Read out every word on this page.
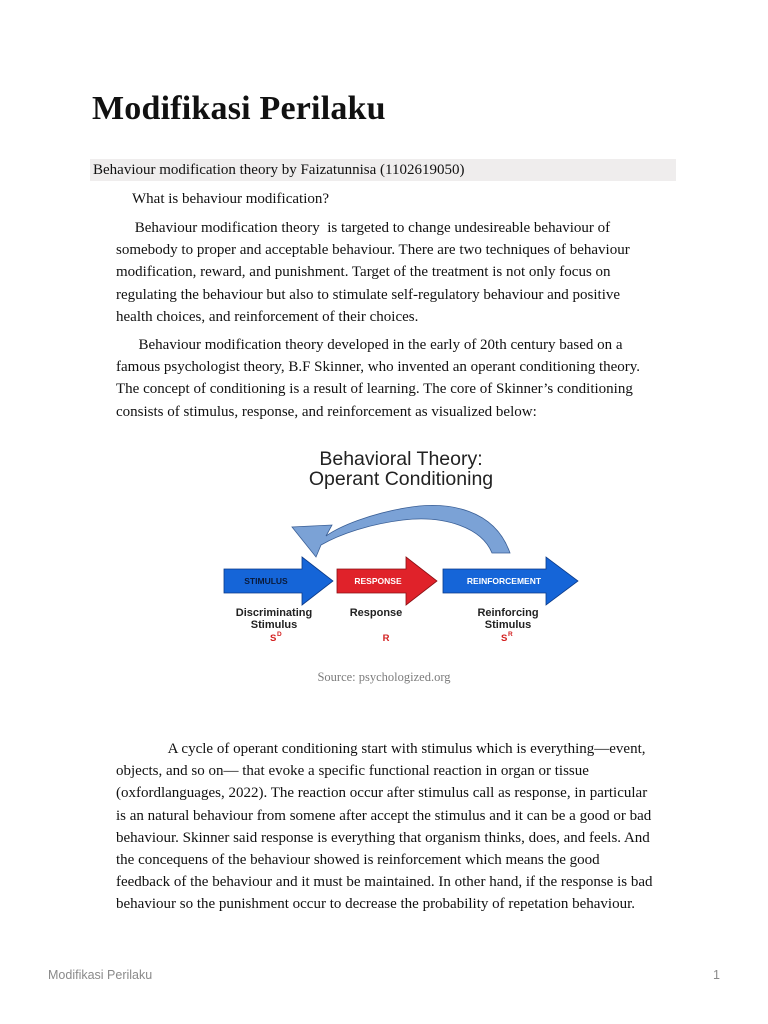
Modifikasi Perilaku
Behaviour modification theory by Faizatunnisa (1102619050)
What is behaviour modification?
Behaviour modification theory  is targeted to change undesireable behaviour of
somebody to proper and acceptable behaviour. There are two techniques of behaviour
modification, reward, and punishment. Target of the treatment is not only focus on
regulating the behaviour but also to stimulate self-regulatory behaviour and positive
health choices, and reinforcement of their choices.
Behaviour modification theory developed in the early of 20th century based on a
famous psychologist theory, B.F Skinner, who invented an operant conditioning theory.
The concept of conditioning is a result of learning. The core of Skinner’s conditioning
consists of stimulus, response, and reinforcement as visualized below:
Behavioral Theory:
Operant Conditioning
STIMULUS	RESPONSE	REINFORCEMENT
Discriminating
Stimulus
Response	Reinforcing
Stimulus
S D	R	S R
Source: psychologized.org
A cycle of operant conditioning start with stimulus which is everything—event,
objects, and so on— that evoke a specific functional reaction in organ or tissue
(oxfordlanguages, 2022). The reaction occur after stimulus call as response, in particular
is an natural behaviour from somene after accept the stimulus and it can be a good or bad
behaviour. Skinner said response is everything that organism thinks, does, and feels. And
the concequens of the behaviour showed is reinforcement which means the good
feedback of the behaviour and it must be maintained. In other hand, if the response is bad
behaviour so the punishment occur to decrease the probability of repetation behaviour.
Modifikasi Perilaku	1
